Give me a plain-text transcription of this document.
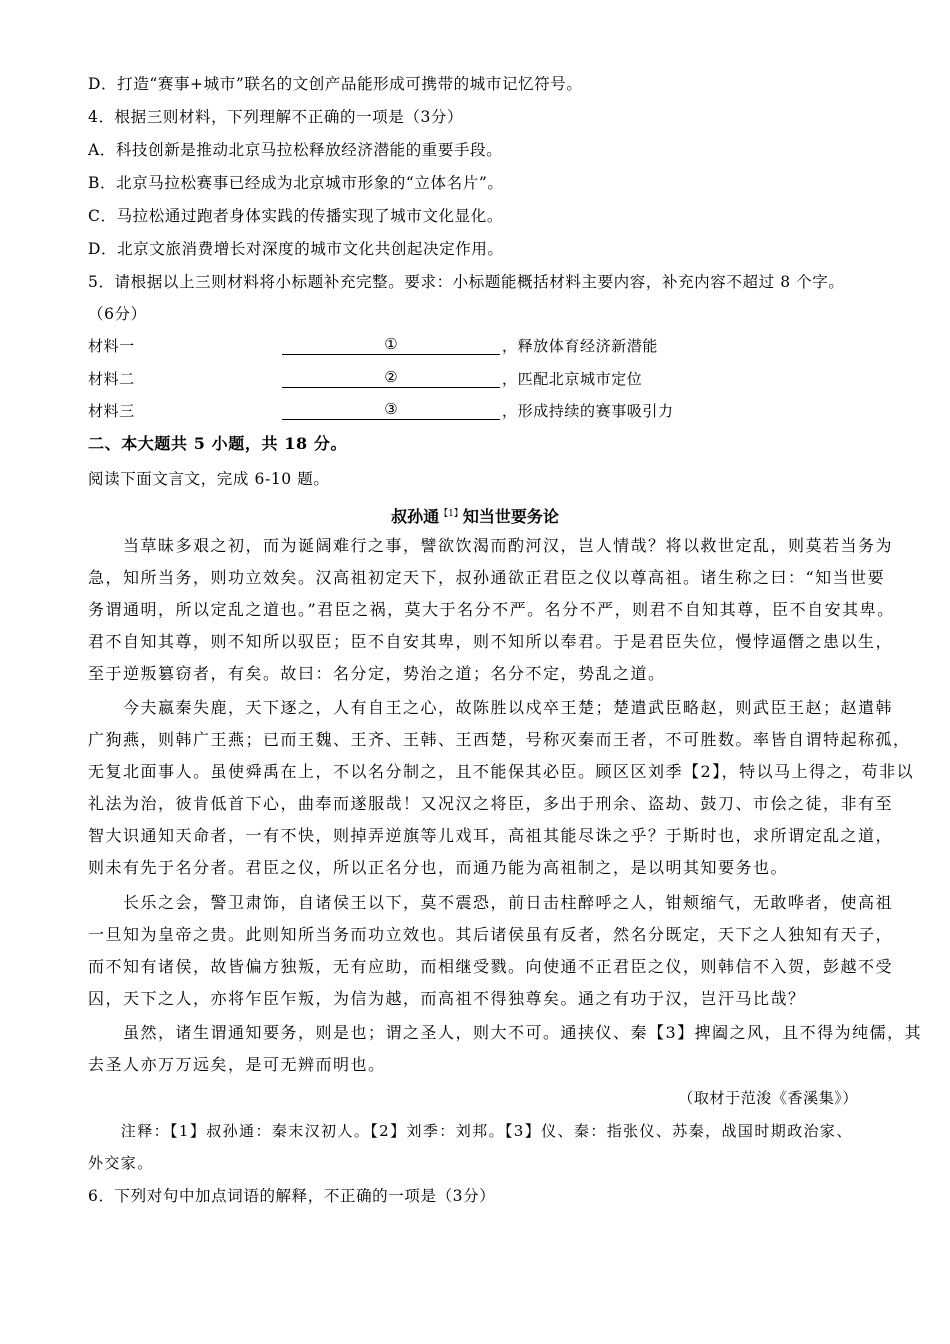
D．打造“赛事+城市”联名的文创产品能形成可携带的城市记忆符号。
4．根据三则材料，下列理解不正确的一项是（3分）
A．科技创新是推动北京马拉松释放经济潜能的重要手段。
B．北京马拉松赛事已经成为北京城市形象的“立体名片”。
C．马拉松通过跑者身体实践的传播实现了城市文化显化。
D．北京文旅消费增长对深度的城市文化共创起决定作用。
5．请根据以上三则材料将小标题补充完整。要求：小标题能概括材料主要内容，补充内容不超过 8 个字。
（6分）
材料一	①	，释放体育经济新潜能
材料二	②	，匹配北京城市定位
材料三	③	，形成持续的赛事吸引力
二、本大题共 5 小题，共 18 分。
阅读下面文言文，完成 6-10 题。
叔孙通$^{【1】}$知当世要务论
　　当草昧多艰之初，而为诞阔难行之事，譬欲饮渴而酌河汉，岂人情哉？将以救世定乱，则莫若当务为
急，知所当务，则功立效矣。汉高祖初定天下，叔孙通欲正君臣之仪以尊高祖。诸生称之曰：“知当世要
务谓通明，所以定乱之道也。”君臣之祸，莫大于名分不严。名分不严，则君不自知其尊，臣不自安其卑。
君不自知其尊，则不知所以驭臣；臣不自安其卑，则不知所以奉君。于是君臣失位，慢悖逼僭之患以生，
至于逆叛篡窃者，有矣。故曰：名分定，势治之道；名分不定，势乱之道。
　　今夫嬴秦失鹿，天下逐之，人有自王之心，故陈胜以戍卒王楚；楚遣武臣略赵，则武臣王赵；赵遣韩
广狗燕，则韩广王燕；已而王魏、王齐、王韩、王西楚，号称灭秦而王者，不可胜数。率皆自谓特起称孤，
无复北面事人。虽使舜禹在上，不以名分制之，且不能保其必臣。顾区区刘季【2】，特以马上得之，苟非以
礼法为治，彼肯低首下心，曲奉而遂服哉！又况汉之将臣，多出于刑余、盗劫、鼓刀、市侩之徒，非有至
智大识通知天命者，一有不快，则掉弄逆旗等儿戏耳，高祖其能尽诛之乎？于斯时也，求所谓定乱之道，
则未有先于名分者。君臣之仪，所以正名分也，而通乃能为高祖制之，是以明其知要务也。
　　长乐之会，警卫肃饰，自诸侯王以下，莫不震恐，前日击柱醉呼之人，钳颊缩气，无敢哗者，使高祖
一旦知为皇帝之贵。此则知所当务而功立效也。其后诸侯虽有反者，然名分既定，天下之人独知有天子，
而不知有诸侯，故皆偏方独叛，无有应助，而相继受戮。向使通不正君臣之仪，则韩信不入贺，彭越不受
囚，天下之人，亦将乍臣乍叛，为信为越，而高祖不得独尊矣。通之有功于汉，岂汗马比哉？
　　虽然，诸生谓通知要务，则是也；谓之圣人，则大不可。通挟仪、秦【3】捭阖之风，且不得为纯儒，其
去圣人亦万万远矣，是可无辨而明也。
（取材于范浚《香溪集》）
　　注释：【1】叔孙通：秦末汉初人。【2】刘季：刘邦。【3】仪、秦：指张仪、苏秦，战国时期政治家、
外交家。
6．下列对句中加点词语的解释，不正确的一项是（3分）
